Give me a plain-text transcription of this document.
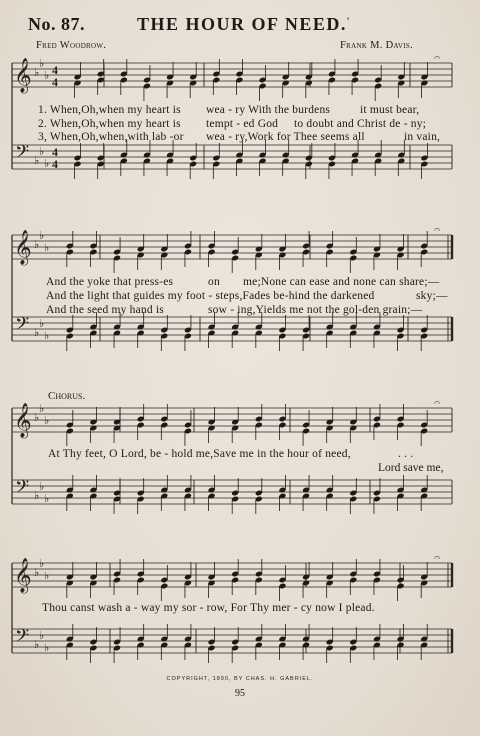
No. 87.	THE HOUR OF NEED. '
Fred Woodrow.	Frank M. Davis.
𝄞
𝄢
♭
♭
♭
♭
♭
♭
4
4
4
4
𝄐
1. When,Oh,when my heart is wea - ry With the burdens	it must bear,
2. When,Oh,when my heart is tempt - ed God to doubt and Christ de - ny;
3, When,Oh,when,with lab -or wea - ry,Work for Thee seems all	in vain,
𝄞
𝄢
♭
♭
♭
♭
♭
♭
𝄐
And the yoke that press-es	on me;None can ease and none can share;—
And the light that guides my foot - steps,Fades be-hind the darkened	sky;—
And the seed my hand is	sow - ing,Yields me not the gol-den grain;—
Chorus.
𝄞
𝄢
♭
♭
♭
♭
♭
♭
𝄐
At Thy feet, O Lord, be - hold me,Save me in the hour of need,	. . .
Lord save me,
𝄞
𝄢
♭
♭
♭
♭
♭
♭
𝄐
Thou canst wash a - way my sor - row, For Thy mer - cy now I plead.
COPYRIGHT, 1890, BY CHAS. H. GABRIEL.
95
